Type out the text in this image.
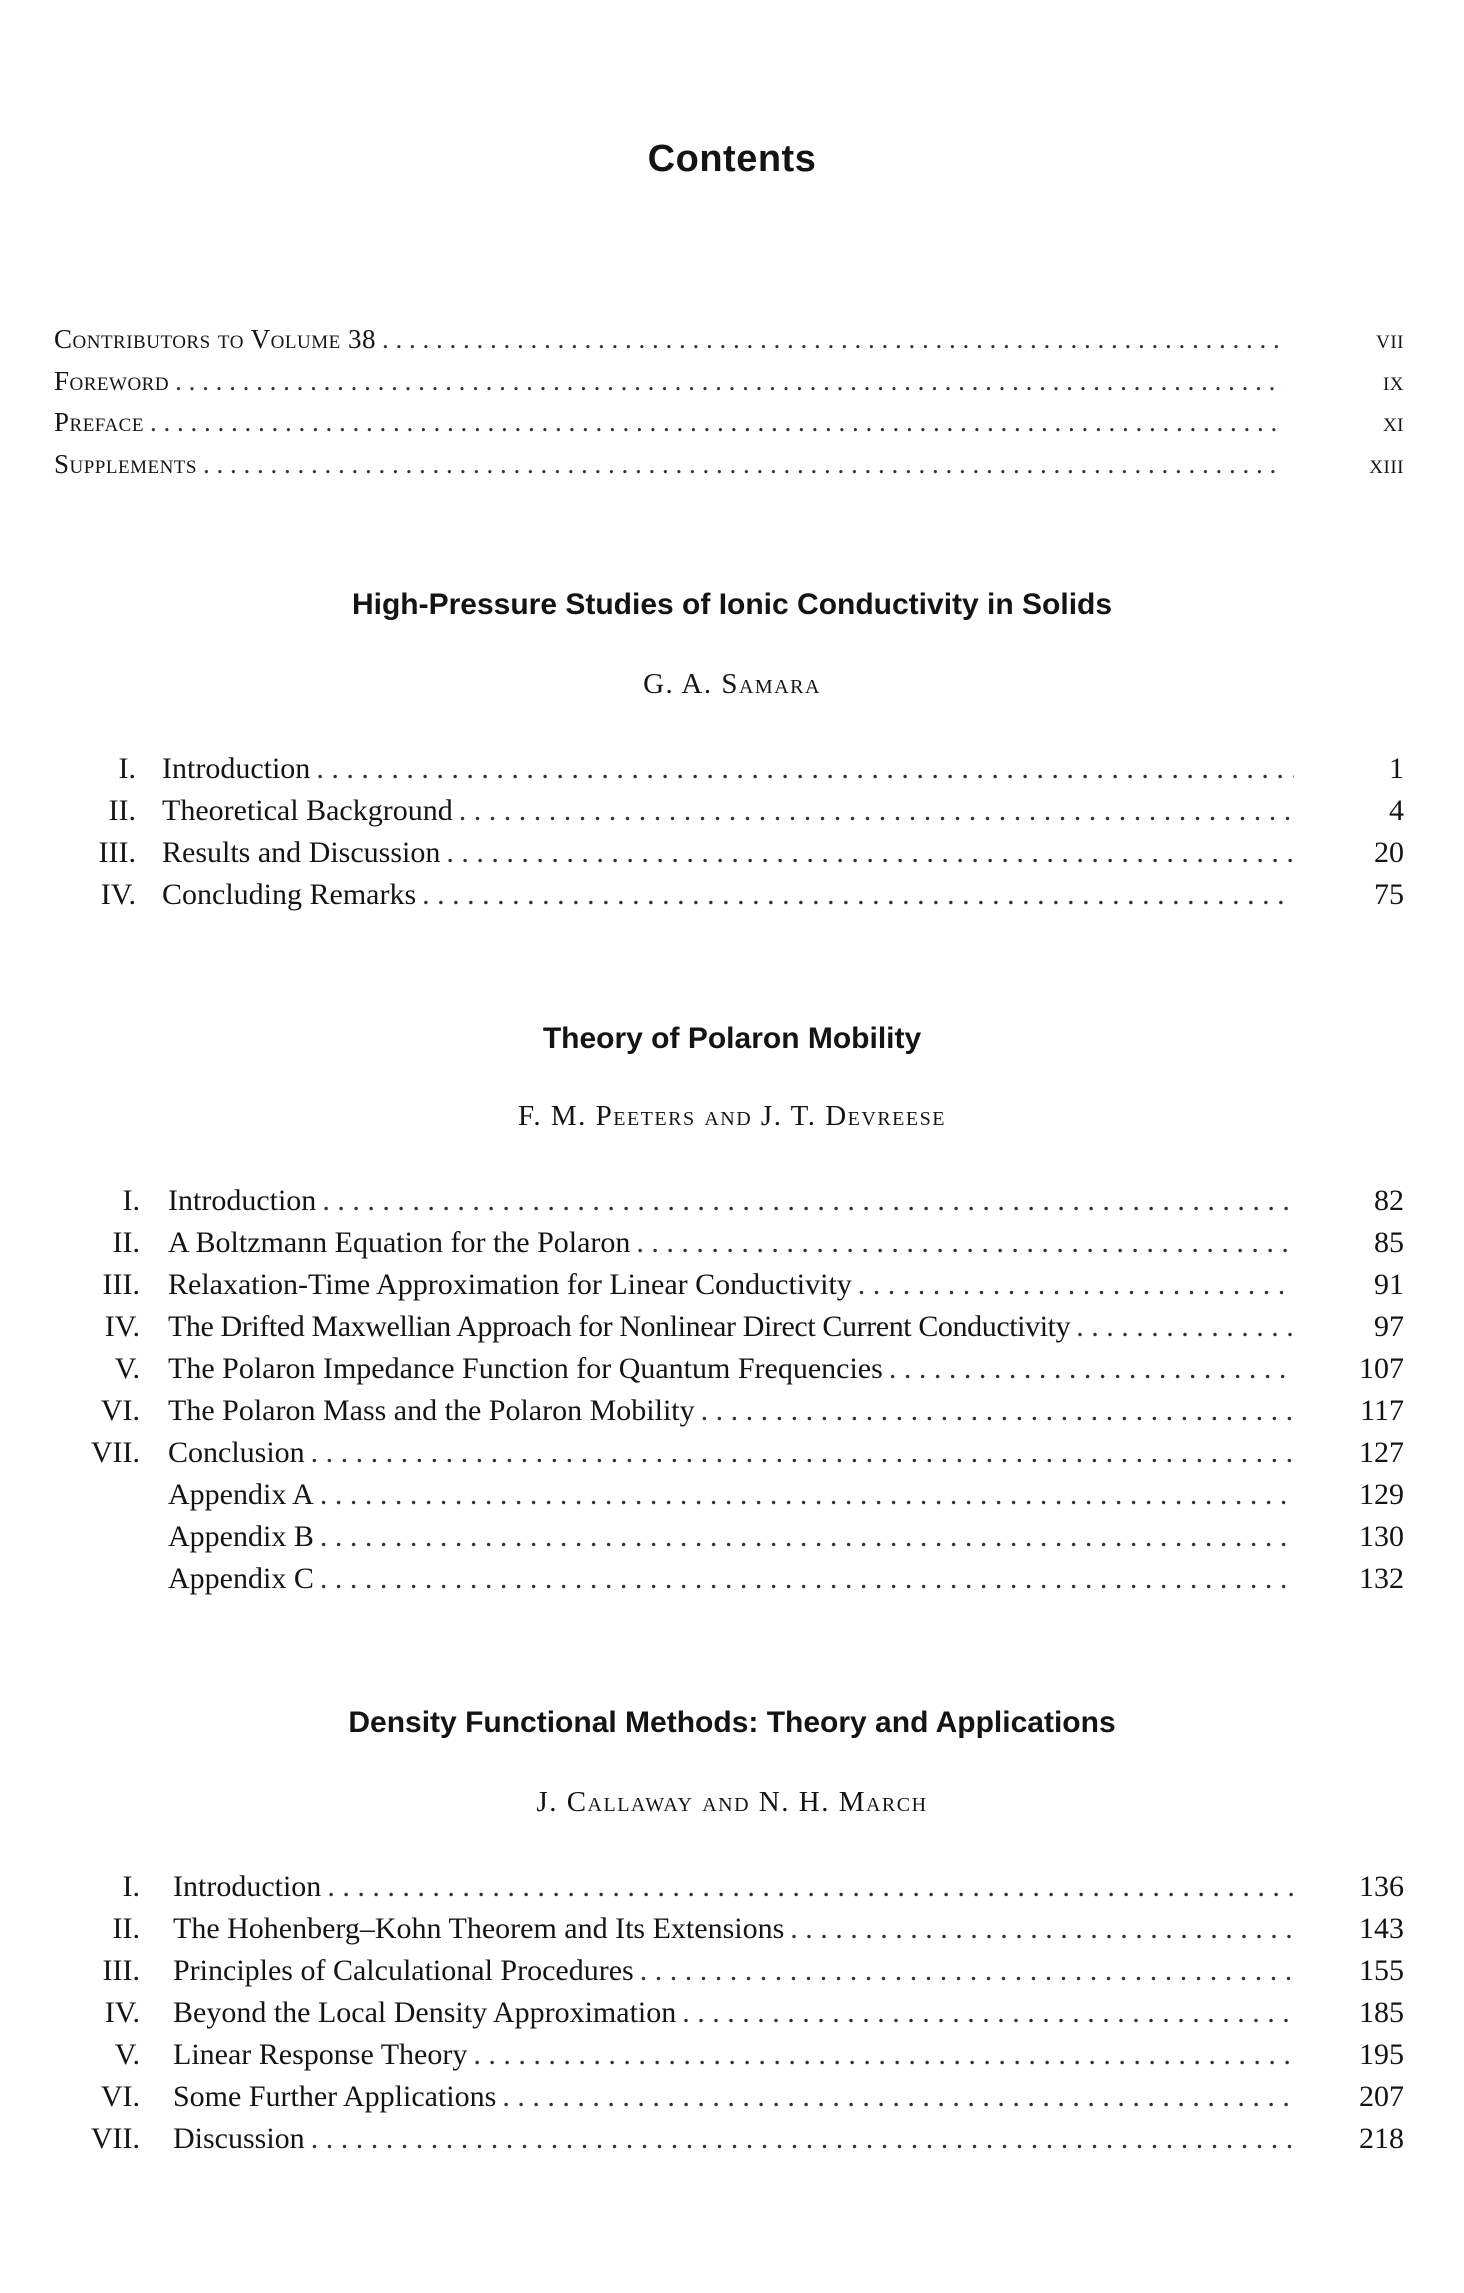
Contents
Contributors to Volume 38 . . .	vii
Foreword . . .	ix
Preface . . .	xi
Supplements . . .	xiii
High-Pressure Studies of Ionic Conductivity in Solids
G. A. Samara
I. Introduction . . .	1
II. Theoretical Background . . .	4
III. Results and Discussion . . .	20
IV. Concluding Remarks . . .	75
Theory of Polaron Mobility
F. M. Peeters and J. T. Devreese
I. Introduction . . .	82
II. A Boltzmann Equation for the Polaron . . .	85
III. Relaxation-Time Approximation for Linear Conductivity . . .	91
IV. The Drifted Maxwellian Approach for Nonlinear Direct Current Conductivity . . .	97
V. The Polaron Impedance Function for Quantum Frequencies . . .	107
VI. The Polaron Mass and the Polaron Mobility . . .	117
VII. Conclusion . . .	127
Appendix A . . .	129
Appendix B . . .	130
Appendix C . . .	132
Density Functional Methods: Theory and Applications
J. Callaway and N. H. March
I. Introduction . . .	136
II. The Hohenberg–Kohn Theorem and Its Extensions . . .	143
III. Principles of Calculational Procedures . . .	155
IV. Beyond the Local Density Approximation . . .	185
V. Linear Response Theory . . .	195
VI. Some Further Applications . . .	207
VII. Discussion . . .	218
